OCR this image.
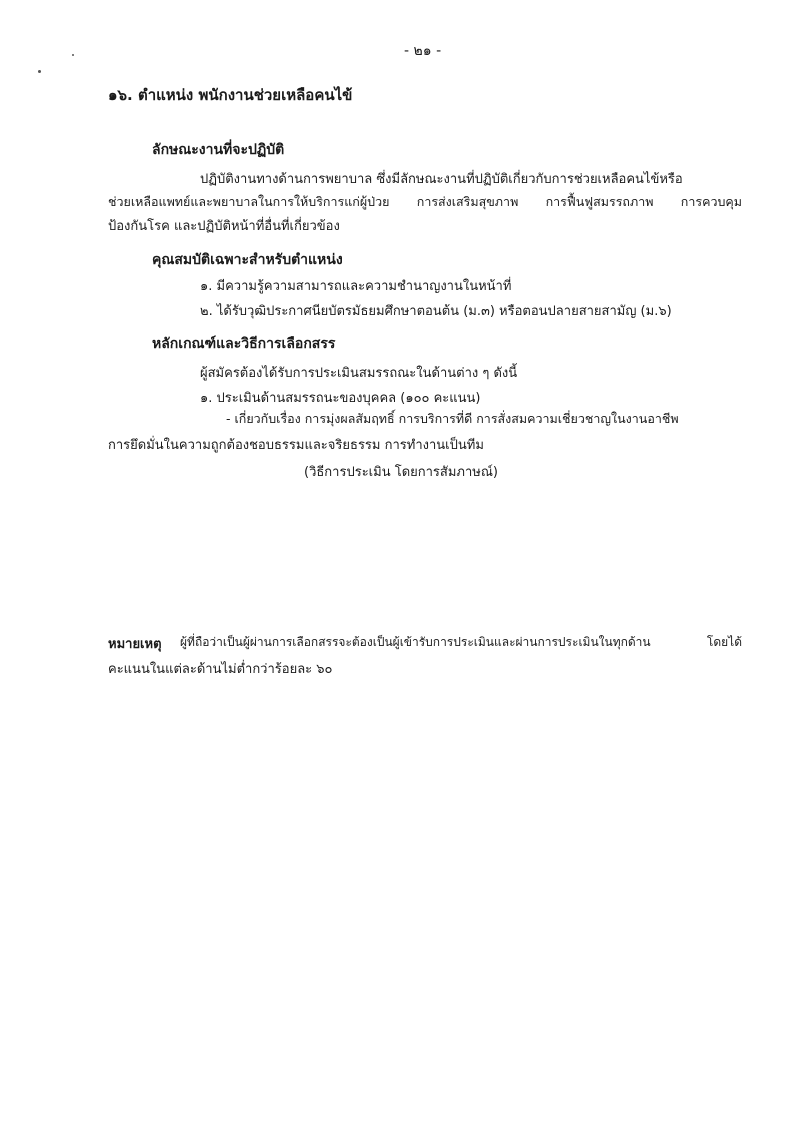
- ๒๑ -
๑๖. ตำแหน่ง พนักงานช่วยเหลือคนไข้
ลักษณะงานที่จะปฏิบัติ
ปฏิบัติงานทางด้านการพยาบาล ซึ่งมีลักษณะงานที่ปฏิบัติเกี่ยวกับการช่วยเหลือคนไข้หรือ
ช่วยเหลือแพทย์และพยาบาลในการให้บริการแก่ผู้ป่วย การส่งเสริมสุขภาพ การฟื้นฟูสมรรถภาพ การควบคุม
ป้องกันโรค และปฏิบัติหน้าที่อื่นที่เกี่ยวข้อง
คุณสมบัติเฉพาะสำหรับตำแหน่ง
๑. มีความรู้ความสามารถและความชำนาญงานในหน้าที่
๒. ได้รับวุฒิประกาศนียบัตรมัธยมศึกษาตอนต้น (ม.๓) หรือตอนปลายสายสามัญ (ม.๖)
หลักเกณฑ์และวิธีการเลือกสรร
ผู้สมัครต้องได้รับการประเมินสมรรถณะในด้านต่าง ๆ ดังนี้
๑. ประเมินด้านสมรรถนะของบุคคล (๑๐๐ คะแนน)
- เกี่ยวกับเรื่อง การมุ่งผลสัมฤทธิ์ การบริการที่ดี การสั่งสมความเชี่ยวชาญในงานอาชีพ
การยึดมั่นในความถูกต้องชอบธรรมและจริยธรรม การทำงานเป็นทีม
(วิธีการประเมิน โดยการสัมภาษณ์)
หมายเหตุ ผู้ที่ถือว่าเป็นผู้ผ่านการเลือกสรรจะต้องเป็นผู้เข้ารับการประเมินและผ่านการประเมินในทุกด้าน โดยได้
คะแนนในแต่ละด้านไม่ต่ำกว่าร้อยละ ๖๐
